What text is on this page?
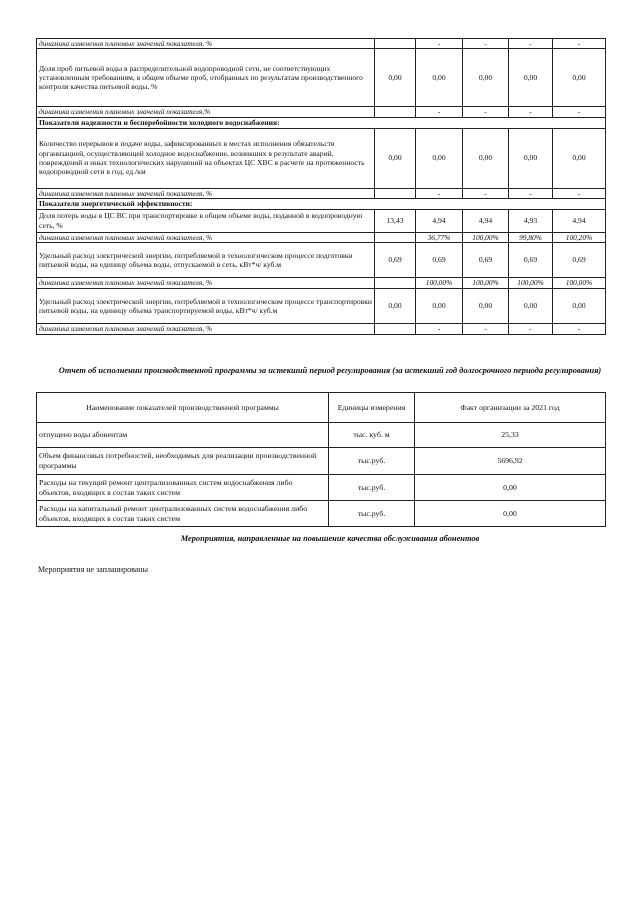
динамика изменения плановых значений показателя, %		-	-	-	-
Доля проб питьевой воды в распределительной водопроводной сети, не соответствующих установленным требованиям, в общем объеме проб, отобранных по результатам производственного контроля качества питьевой воды, %	0,00	0,00	0,00	0,00	0,00
динамика изменения плановых значений показателя,%		-	-	-	-
Показатели надежности и бесперебойности холодного водоснабжения:					
Количество перерывов в подаче воды, зафиксированных в местах исполнения обязательств организацией, осуществляющей холодное водоснабжение, возникших в результате аварий, повреждений и иных технологических нарушений на объектах ЦС ХВС в расчете на протяженность водопроводной сети в год, ед./км	0,00	0,00	0,00	0,00	0,00
динамика изменения плановых значений показателя, %		-	-	-	-
Показатели энергетической эффективности:					
Доля потерь воды в ЦС ВС при транспортировке в общем объеме воды, поданной в водопроводную сеть, %	13,43	4,94	4,94	4,93	4,94
динамика изменения плановых значений показателя, %		36,77%	100,00%	99,80%	100,20%
Удельный расход электрической энергии, потребляемой в технологическом процессе подготовки питьевой воды, на единицу объема воды, отпускаемой в сеть, кВт*ч/ куб.м	0,69	0,69	0,69	0,69	0,69
динамика изменения плановых значений показателя, %		100,00%	100,00%	100,00%	100,00%
Удельный расход электрической энергии, потребляемой в технологическом процессе транспортировки питьевой воды, на единицу объема транспортируемой воды, кВт*ч/ куб.м	0,00	0,00	0,00	0,00	0,00
динамика изменения плановых значений показателя, %		-	-	-	-
Отчет об исполнении производственной программы за истекший период регулирования (за истекший год долгосрочного периода регулирования)
Наименование показателей производственной программы	Единицы измерения	Факт организации за 2021 год
отпущено воды абонентам	тыс. куб. м	25,33
Объем финансовых потребностей, необходимых для реализации производственной программы	тыс.руб.	5696,92
Расходы на текущий ремонт централизованных систем водоснабжения либо объектов, входящих в состав таких систем	тыс.руб.	0,00
Расходы на капитальный ремонт централизованных систем водоснабжения либо объектов, входящих в состав таких систем	тыс.руб.	0,00
Мероприятия, направленные на повышение качества обслуживания абонентов
Мероприятия не запланированы
